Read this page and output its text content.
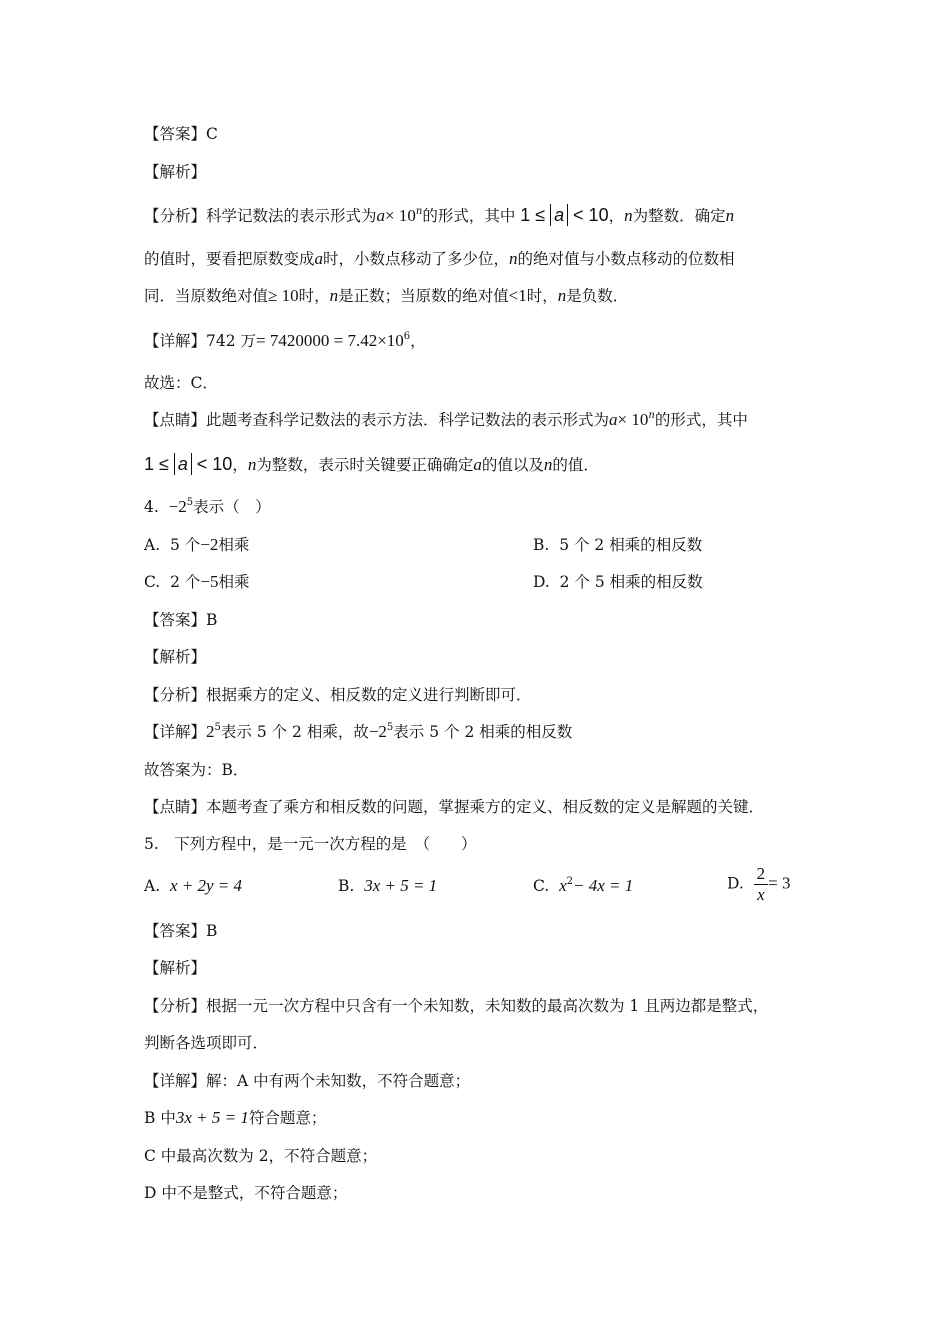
【答案】C
【解析】
【分析】科学记数法的表示形式为$a\times 10^n$的形式，其中 1 ≤ a < 10，n为整数．确定n
的值时，要看把原数变成a时，小数点移动了多少位，n的绝对值与小数点移动的位数相
同．当原数绝对值≥ 10时，n是正数；当原数的绝对值<1时，n是负数．
【详解】742 万= $7420000 = 7.42\times 10^6$，
故选：C．
【点睛】此题考查科学记数法的表示方法．科学记数法的表示形式为$a\times 10^n$的形式，其中
1 ≤ a < 10，n为整数，表示时关键要正确确定a的值以及n的值．
4. $-2^5$表示（　）
A. 5 个−2相乘	B. 5 个 2 相乘的相反数
C. 2 个−5相乘	D. 2 个 5 相乘的相反数
【答案】B
【解析】
【分析】根据乘方的定义、相反数的定义进行判断即可．
【详解】$2^5$表示 5 个 2 相乘，故$-2^5$表示 5 个 2 相乘的相反数
故答案为：B．
【点睛】本题考查了乘方和相反数的问题，掌握乘方的定义、相反数的定义是解题的关键．
5.　下列方程中，是一元一次方程的是　（　　）
A. x + 2y = 4	B. 3x + 5 = 1	C. $x^2- 4x = 1$	D. $\frac{2}{x} = 3$
【答案】B
【解析】
【分析】根据一元一次方程中只含有一个未知数，未知数的最高次数为 1 且两边都是整式，
判断各选项即可．
【详解】解：A 中有两个未知数，不符合题意；
B 中3x + 5 = 1符合题意；
C 中最高次数为 2，不符合题意；
D 中不是整式，不符合题意；
